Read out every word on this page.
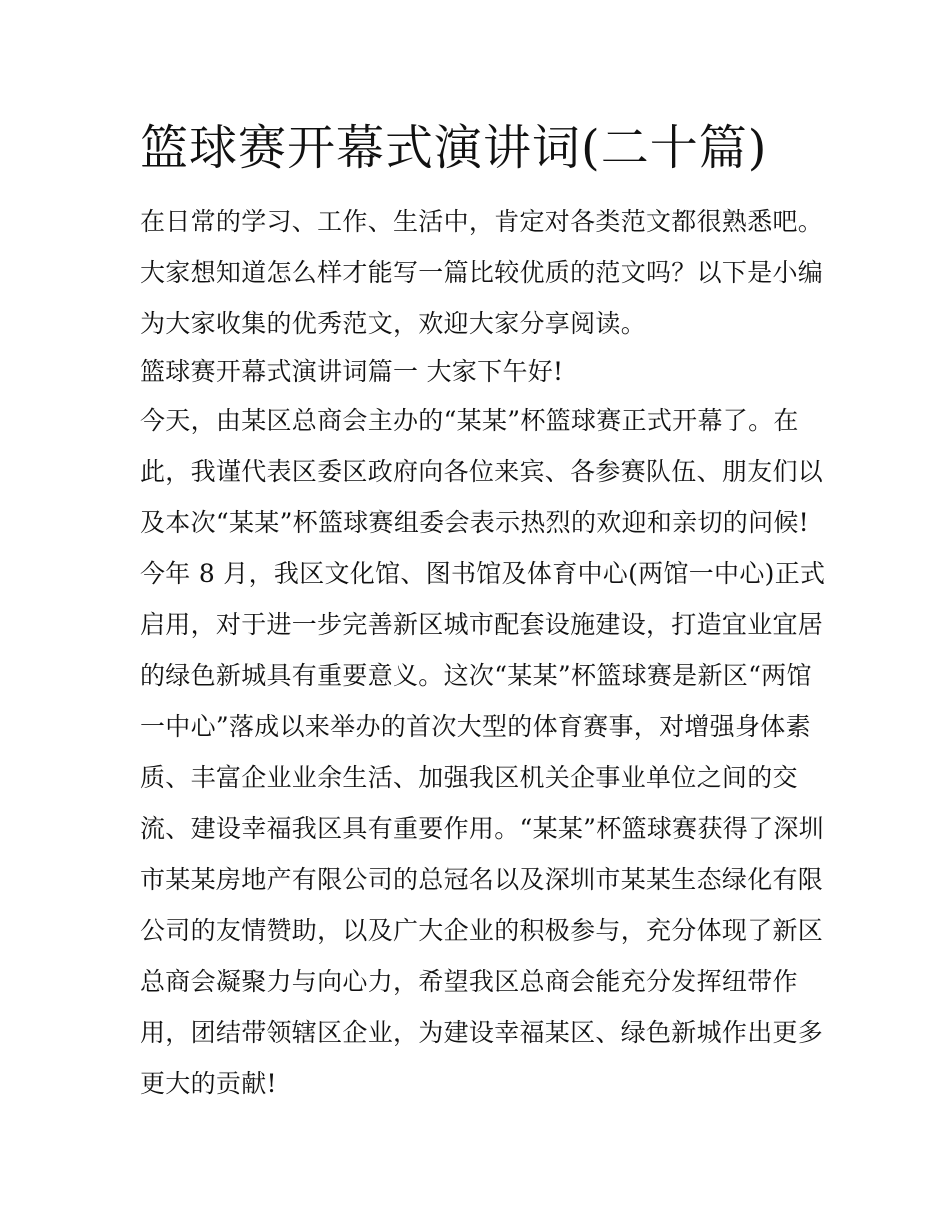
篮球赛开幕式演讲词(二十篇)
在日常的学习、工作、生活中，肯定对各类范文都很熟悉吧。
大家想知道怎么样才能写一篇比较优质的范文吗？以下是小编
为大家收集的优秀范文，欢迎大家分享阅读。
篮球赛开幕式演讲词篇一 大家下午好!
今天，由某区总商会主办的“某某”杯篮球赛正式开幕了。在
此，我谨代表区委区政府向各位来宾、各参赛队伍、朋友们以
及本次“某某”杯篮球赛组委会表示热烈的欢迎和亲切的问候!
今年 8 月，我区文化馆、图书馆及体育中心(两馆一中心)正式
启用，对于进一步完善新区城市配套设施建设，打造宜业宜居
的绿色新城具有重要意义。这次“某某”杯篮球赛是新区“两馆
一中心”落成以来举办的首次大型的体育赛事，对增强身体素
质、丰富企业业余生活、加强我区机关企事业单位之间的交
流、建设幸福我区具有重要作用。“某某”杯篮球赛获得了深圳
市某某房地产有限公司的总冠名以及深圳市某某生态绿化有限
公司的友情赞助，以及广大企业的积极参与，充分体现了新区
总商会凝聚力与向心力，希望我区总商会能充分发挥纽带作
用，团结带领辖区企业，为建设幸福某区、绿色新城作出更多
更大的贡献!
